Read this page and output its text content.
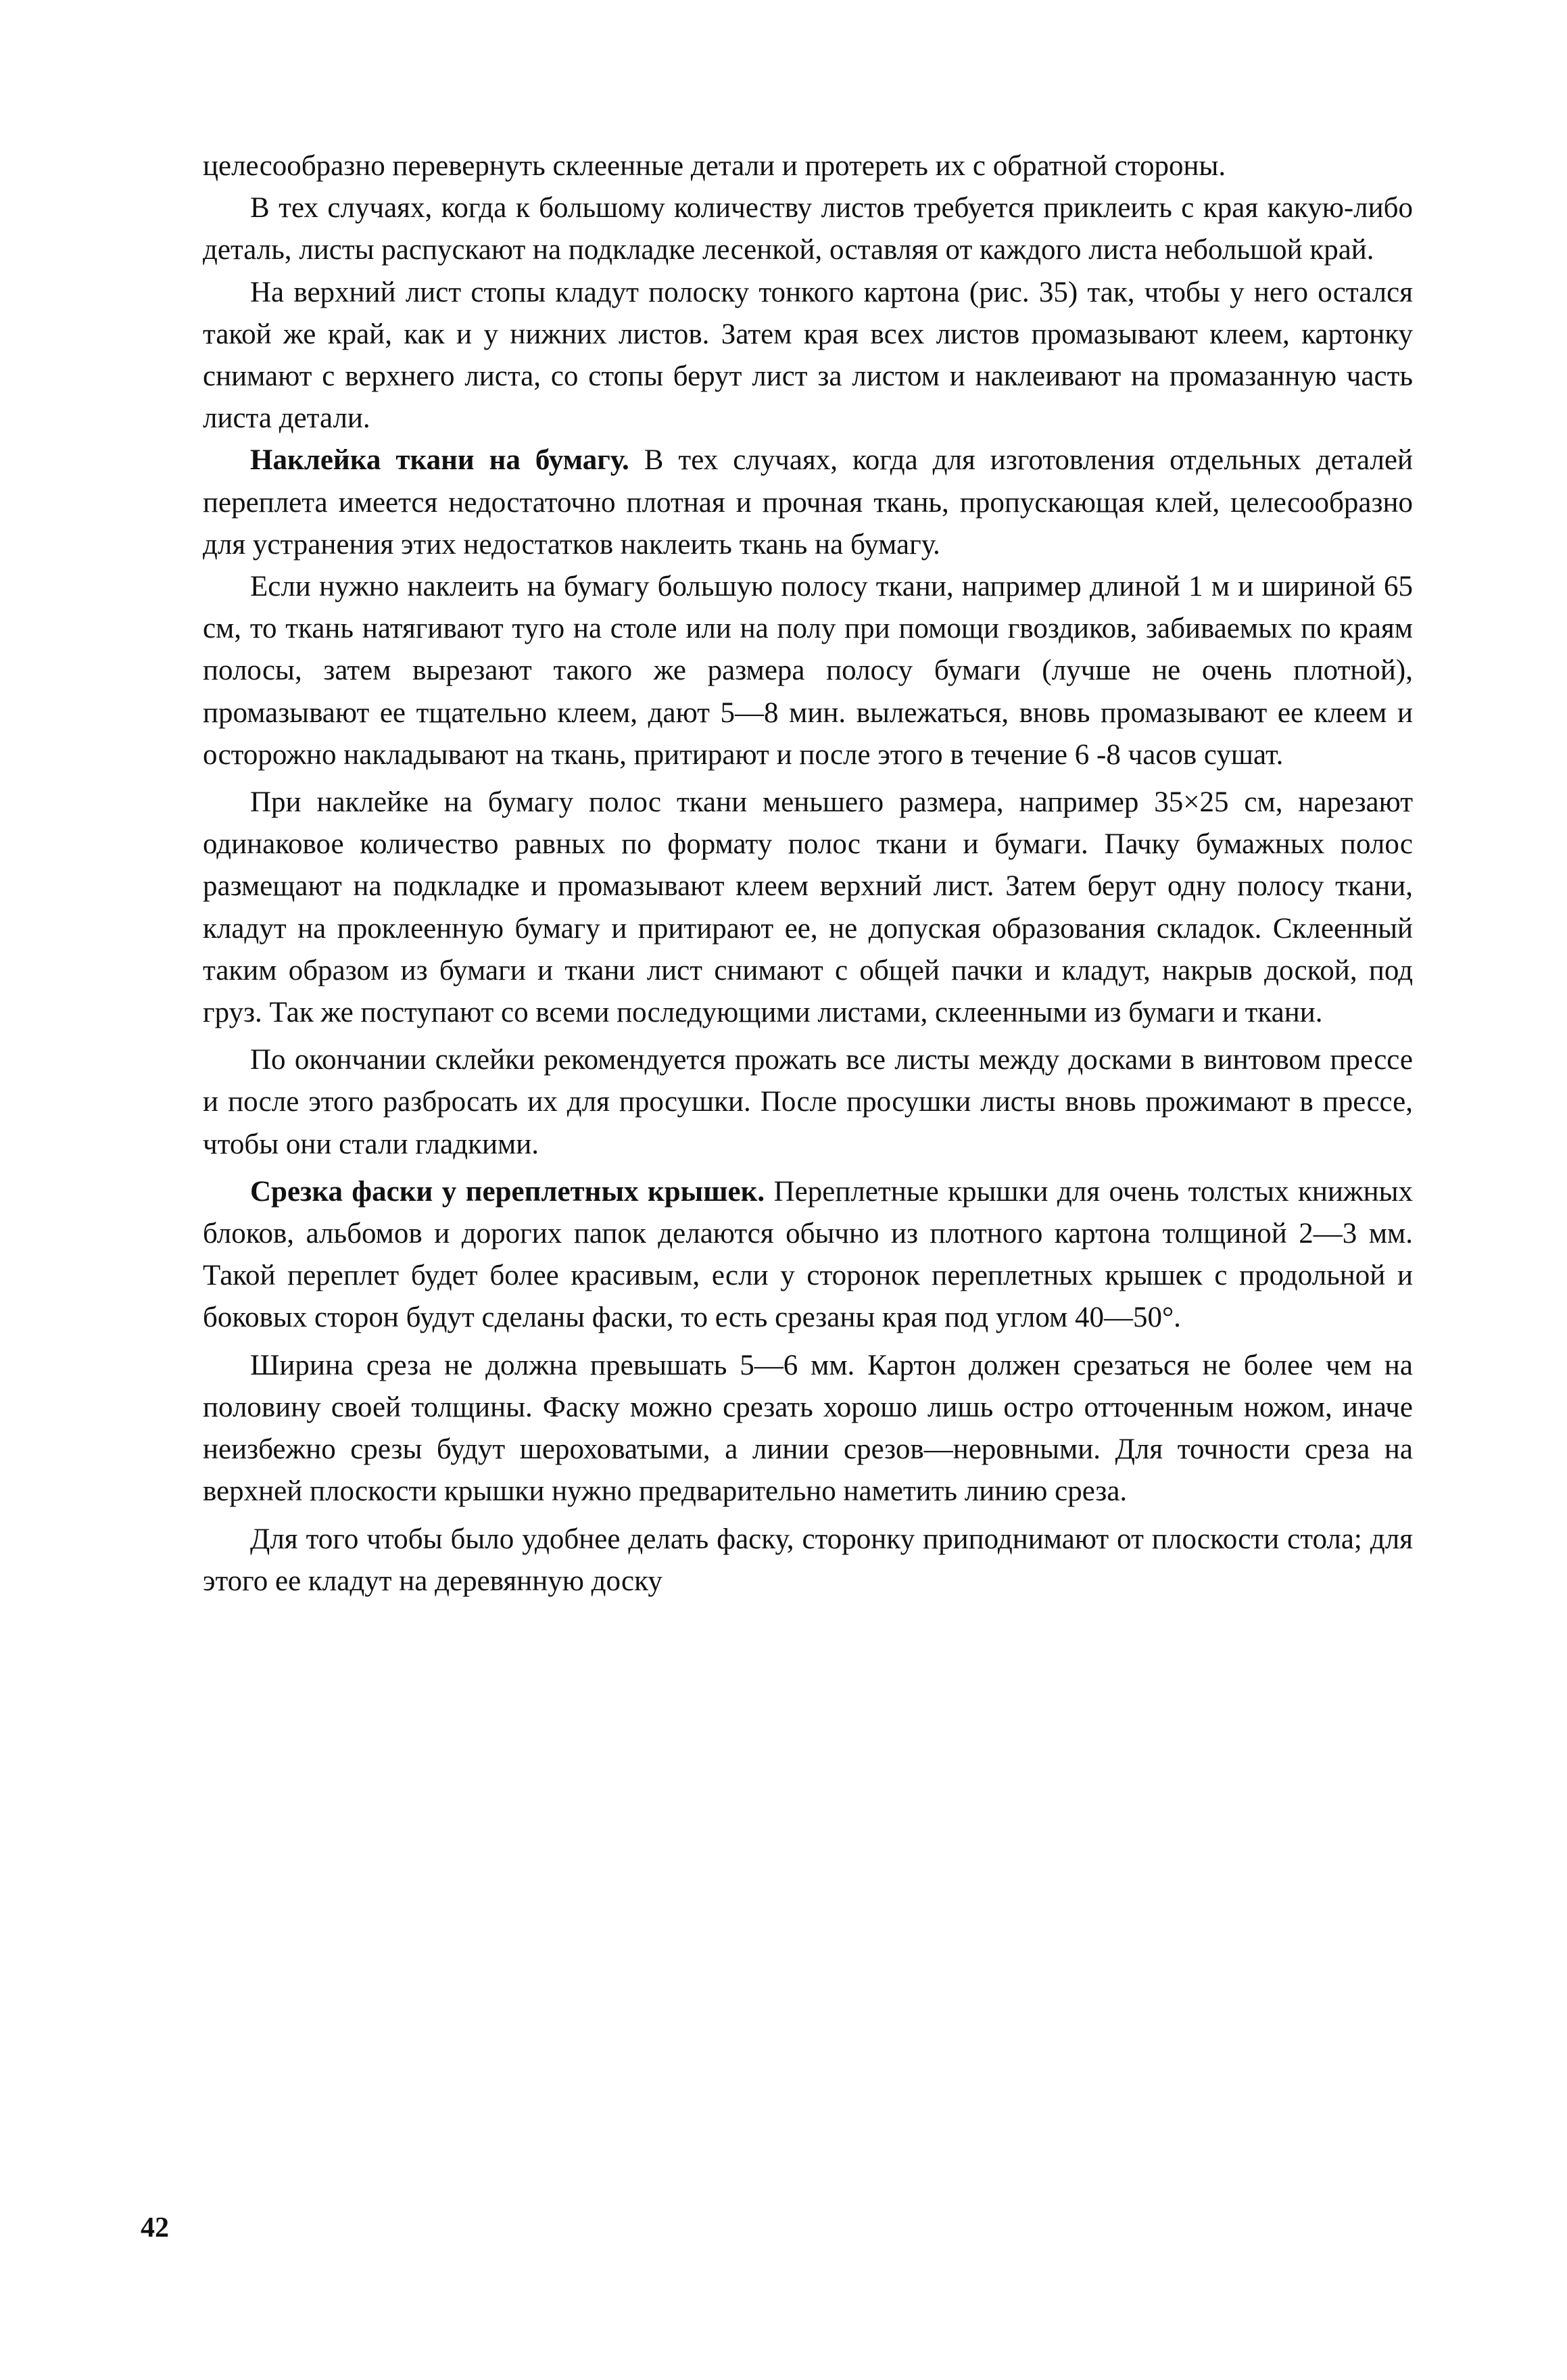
целесообразно перевернуть склеенные детали и протереть их с обратной стороны.

В тех случаях, когда к большому количеству листов требуется приклеить с края какую-либо деталь, листы распускают на подкладке лесенкой, оставляя от каждого листа небольшой край.

На верхний лист стопы кладут полоску тонкого картона (рис. 35) так, чтобы у него остался такой же край, как и у нижних листов. Затем края всех листов промазывают клеем, картонку снимают с верхнего листа, со стопы берут лист за листом и наклеивают на промазанную часть листа детали.

Наклейка ткани на бумагу. В тех случаях, когда для изготовления отдельных деталей переплета имеется недостаточно плотная и прочная ткань, пропускающая клей, целесообразно для устранения этих недостатков наклеить ткань на бумагу.

Если нужно наклеить на бумагу большую полосу ткани, например длиной 1 м и шириной 65 см, то ткань натягивают туго на столе или на полу при помощи гвоздиков, забиваемых по краям полосы, затем вырезают такого же размера полосу бумаги (лучше не очень плотной), промазывают ее тщательно клеем, дают 5—8 мин. вылежаться, вновь промазывают ее клеем и осторожно накладывают на ткань, притирают и после этого в течение 6 -8 часов сушат.

При наклейке на бумагу полос ткани меньшего размера, например 35×25 см, нарезают одинаковое количество равных по формату полос ткани и бумаги. Пачку бумажных полос размещают на подкладке и промазывают клеем верхний лист. Затем берут одну полосу ткани, кладут на проклеенную бумагу и притирают ее, не допуская образования складок. Склеенный таким образом из бумаги и ткани лист снимают с общей пачки и кладут, накрыв доской, под груз. Так же поступают со всеми последующими листами, склеенными из бумаги и ткани.

По окончании склейки рекомендуется прожать все листы между досками в винтовом прессе и после этого разбросать их для просушки. После просушки листы вновь прожимают в прессе, чтобы они стали гладкими.

Срезка фаски у переплетных крышек. Переплетные крышки для очень толстых книжных блоков, альбомов и дорогих папок делаются обычно из плотного картона толщиной 2—3 мм. Такой переплет будет более красивым, если у сторонок переплетных крышек с продольной и боковых сторон будут сделаны фаски, то есть срезаны края под углом 40—50°.

Ширина среза не должна превышать 5—6 мм. Картон должен срезаться не более чем на половину своей толщины. Фаску можно срезать хорошо лишь остро отточенным ножом, иначе неизбежно срезы будут шероховатыми, а линии срезов—неровными. Для точности среза на верхней плоскости крышки нужно предварительно наметить линию среза.

Для того чтобы было удобнее делать фаску, сторонку приподнимают от плоскости стола; для этого ее кладут на деревянную доску

42
